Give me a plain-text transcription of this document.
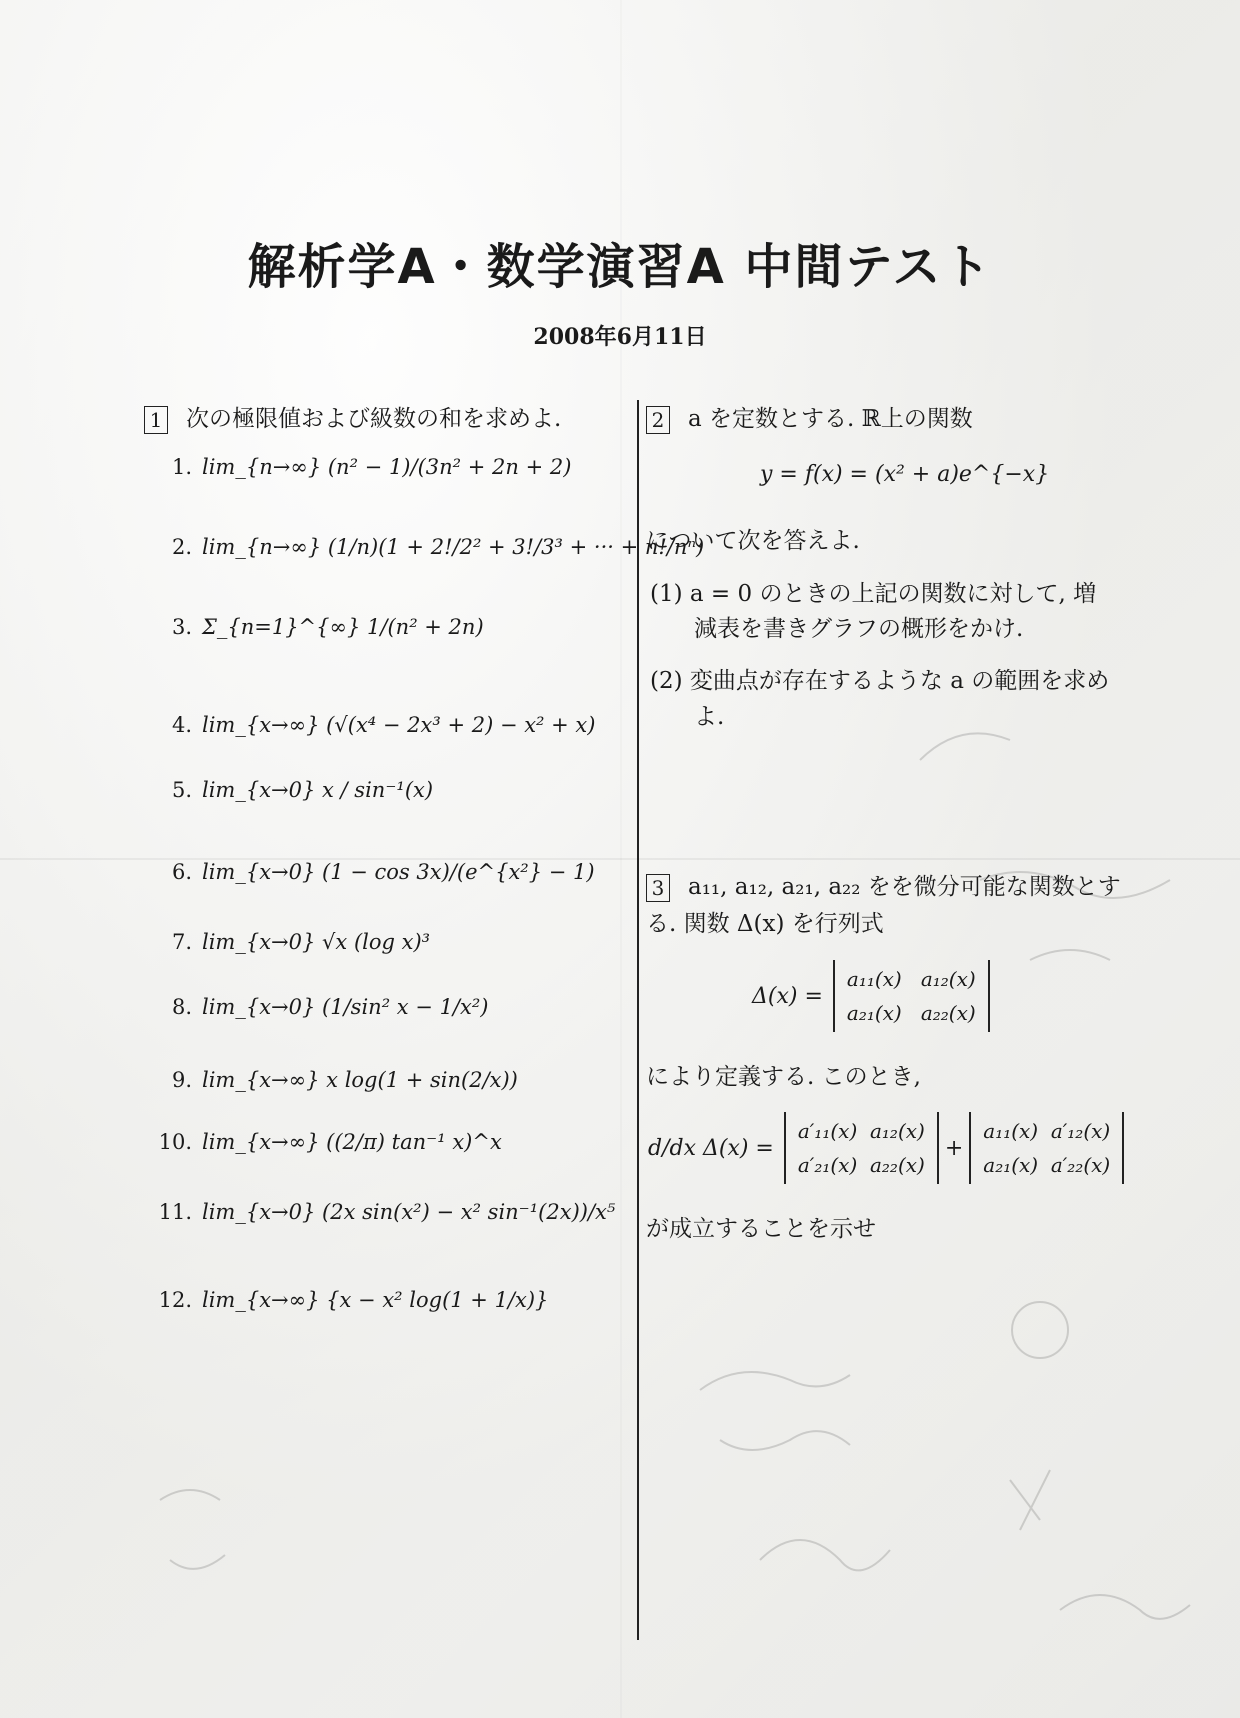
解析学A・数学演習A 中間テスト
2008年6月11日
1 次の極限値および級数の和を求めよ.
1. lim_{n→∞} (n² − 1)/(3n² + 2n + 2)
2. lim_{n→∞} (1/n)(1 + 2!/2² + 3!/3³ + ··· + n!/nⁿ)
3. Σ_{n=1}^{∞} 1/(n² + 2n)
4. lim_{x→∞} (√(x⁴ − 2x³ + 2) − x² + x)
5. lim_{x→0} x / sin⁻¹(x)
6. lim_{x→0} (1 − cos 3x)/(e^{x²} − 1)
7. lim_{x→0} √x (log x)³
8. lim_{x→0} (1/sin² x − 1/x²)
9. lim_{x→∞} x log(1 + sin(2/x))
10. lim_{x→∞} ((2/π) tan⁻¹ x)^x
11. lim_{x→0} (2x sin(x²) − x² sin⁻¹(2x))/x⁵
12. lim_{x→∞} {x − x² log(1 + 1/x)}
2 a を定数とする. ℝ上の関数
y = f(x) = (x² + a)e^{−x}
について次を答えよ.
(1) a = 0 のときの上記の関数に対して, 増
減表を書きグラフの概形をかけ.
(2) 変曲点が存在するような a の範囲を求め
よ.
3 a₁₁, a₁₂, a₂₁, a₂₂ をを微分可能な関数とす
る. 関数 Δ(x) を行列式
Δ(x) =
a₁₁(x) a₁₂(x)
a₂₁(x) a₂₂(x)
により定義する. このとき,
d/dx Δ(x) =
a′₁₁(x) a₁₂(x)
a′₂₁(x) a₂₂(x)
+
a₁₁(x) a′₁₂(x)
a₂₁(x) a′₂₂(x)
が成立することを示せ
